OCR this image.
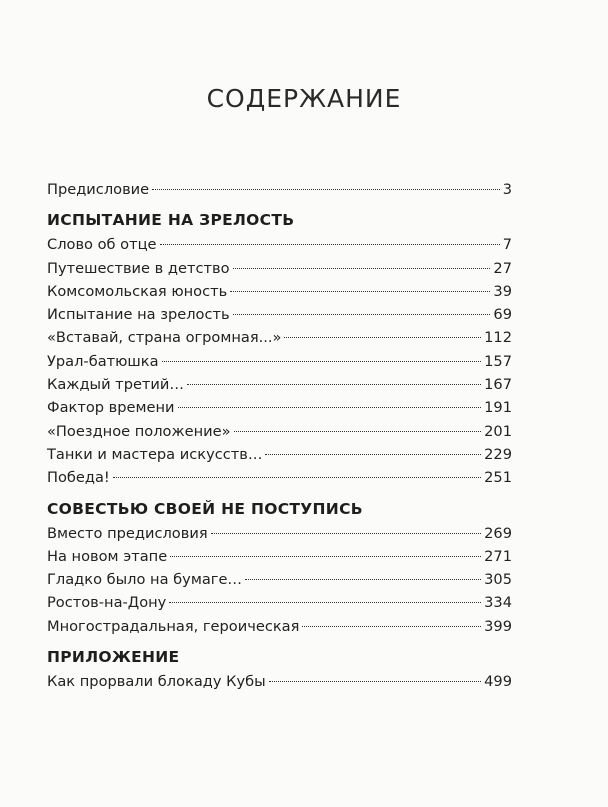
СОДЕРЖАНИЕ
Предисловие	3
ИСПЫТАНИЕ НА ЗРЕЛОСТЬ
Слово об отце	7
Путешествие в детство	27
Комсомольская юность	39
Испытание на зрелость	69
«Вставай, страна огромная...»	112
Урал-батюшка	157
Каждый третий…	167
Фактор времени	191
«Поездное положение»	201
Танки и мастера искусств…	229
Победа!	251
СОВЕСТЬЮ СВОЕЙ НЕ ПОСТУПИСЬ
Вместо предисловия	269
На новом этапе	271
Гладко было на бумаге…	305
Ростов-на-Дону	334
Многострадальная, героическая	399
ПРИЛОЖЕНИЕ
Как прорвали блокаду Кубы	499
